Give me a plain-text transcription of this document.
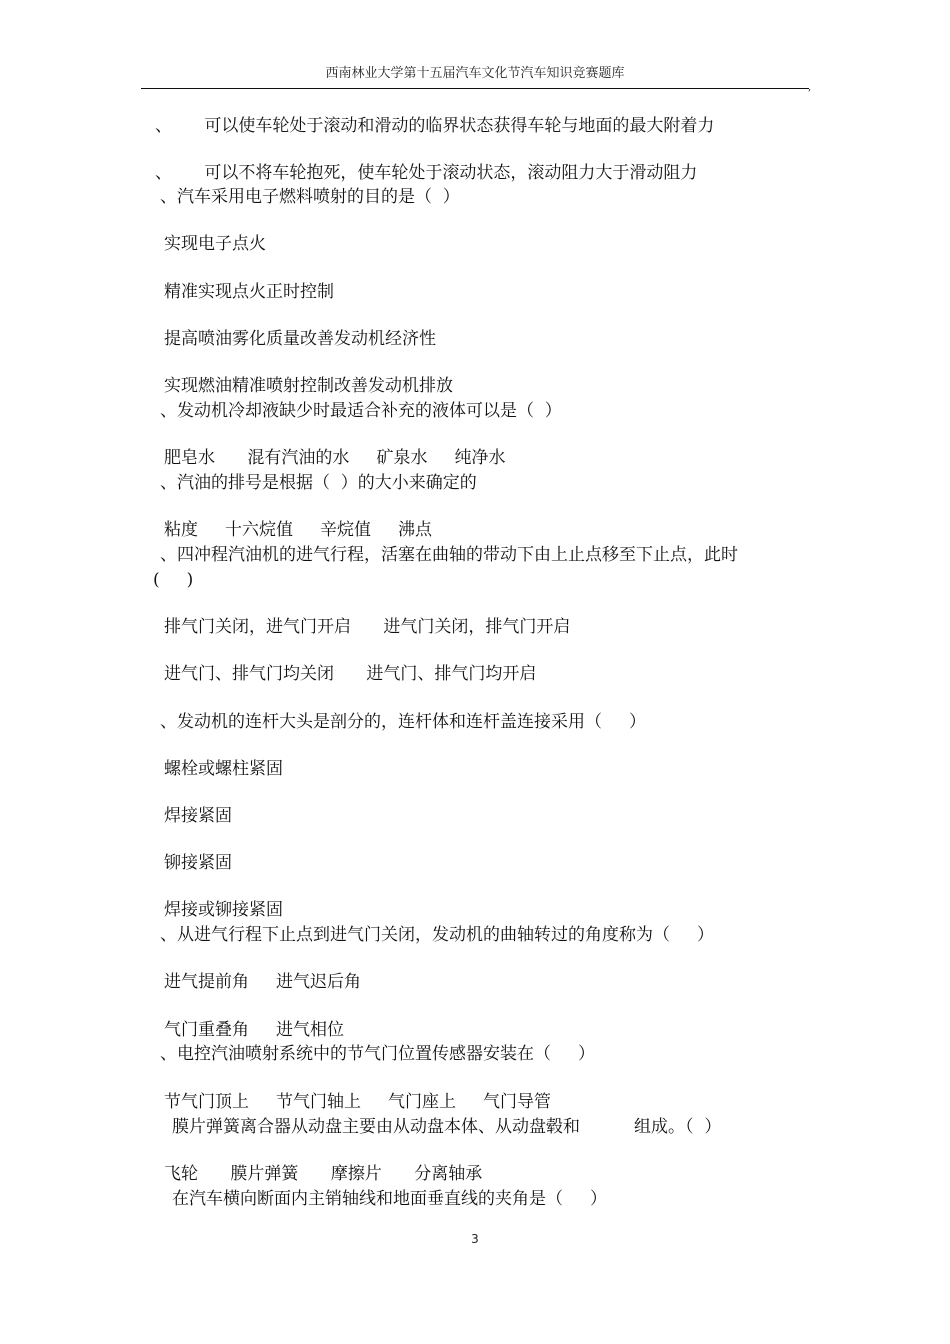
西南林业大学第十五届汽车文化节汽车知识竞赛题库
,
、      可以使车轮处于滚动和滑动的临界状态获得车轮与地面的最大附着力
、      可以不将车轮抱死，使车轮处于滚动状态，滚动阻力大于滑动阻力
、汽车采用电子燃料喷射的目的是（  ）
实现电子点火
精准实现点火正时控制
提高喷油雾化质量改善发动机经济性
实现燃油精准喷射控制改善发动机排放
、发动机冷却液缺少时最适合补充的液体可以是（  ）
肥皂水      混有汽油的水     矿泉水     纯净水
、汽油的排号是根据（  ）的大小来确定的
粘度     十六烷值     辛烷值     沸点
、四冲程汽油机的进气行程，活塞在曲轴的带动下由上止点移至下止点，此时
(     )
排气门关闭，进气门开启      进气门关闭，排气门开启
进气门、排气门均关闭      进气门、排气门均开启
、发动机的连杆大头是剖分的，连杆体和连杆盖连接采用（     ）
螺栓或螺柱紧固
焊接紧固
铆接紧固
焊接或铆接紧固
、从进气行程下止点到进气门关闭，发动机的曲轴转过的角度称为（     ）
进气提前角     进气迟后角
气门重叠角     进气相位
、电控汽油喷射系统中的节气门位置传感器安装在（     ）
节气门顶上     节气门轴上     气门座上     气门导管
膜片弹簧离合器从动盘主要由从动盘本体、从动盘毂和          组成。（  ）
飞轮      膜片弹簧      摩擦片      分离轴承
在汽车横向断面内主销轴线和地面垂直线的夹角是（     ）
3
